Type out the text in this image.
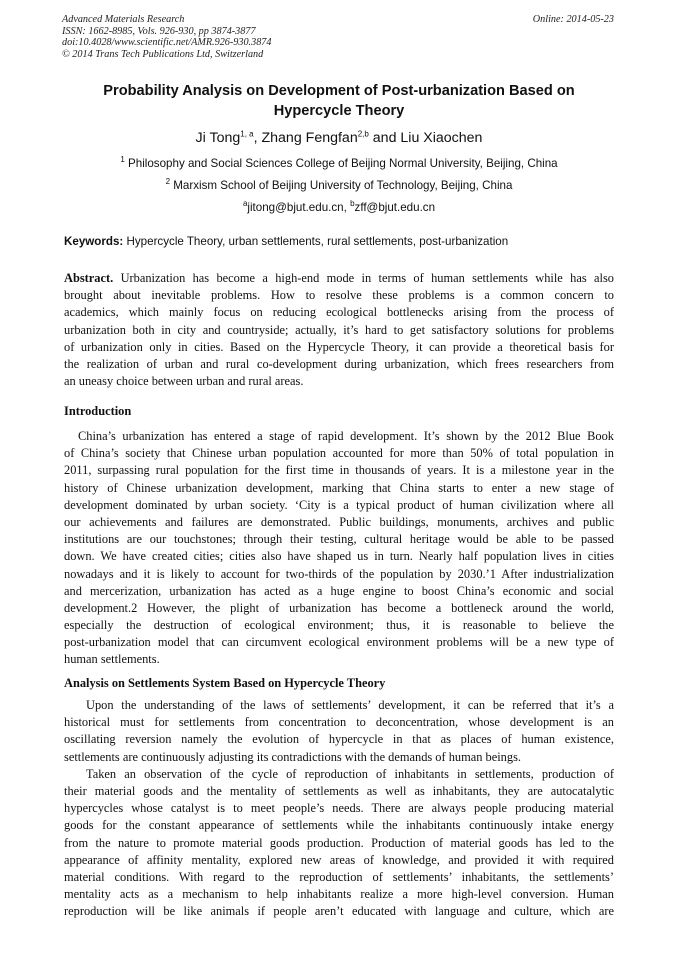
Advanced Materials Research
ISSN: 1662-8985, Vols. 926-930, pp 3874-3877
doi:10.4028/www.scientific.net/AMR.926-930.3874
© 2014 Trans Tech Publications Ltd, Switzerland
Online: 2014-05-23
Probability Analysis on Development of Post-urbanization Based on
Hypercycle Theory
Ji Tong$^{1, a}$, Zhang Fengfan$^{2,b}$ and Liu Xiaochen
$^1$ Philosophy and Social Sciences College of Beijing Normal University, Beijing, China
$^2$ Marxism School of Beijing University of Technology, Beijing, China
$^a$jitong@bjut.edu.cn, $^b$zff@bjut.edu.cn
Keywords: Hypercycle Theory, urban settlements, rural settlements, post-urbanization
Abstract. Urbanization has become a high-end mode in terms of human settlements while has also
brought about inevitable problems. How to resolve these problems is a common concern to
academics, which mainly focus on reducing ecological bottlenecks arising from the process of
urbanization both in city and countryside; actually, it’s hard to get satisfactory solutions for problems
of urbanization only in cities. Based on the Hypercycle Theory, it can provide a theoretical basis for
the realization of urban and rural co-development during urbanization, which frees researchers from
an uneasy choice between urban and rural areas.
Introduction
China’s urbanization has entered a stage of rapid development. It’s shown by the 2012 Blue Book
of China’s society that Chinese urban population accounted for more than 50% of total population in
2011, surpassing rural population for the first time in thousands of years. It is a milestone year in the
history of Chinese urbanization development, marking that China starts to enter a new stage of
development dominated by urban society. ‘City is a typical product of human civilization where all
our achievements and failures are demonstrated. Public buildings, monuments, archives and public
institutions are our touchstones; through their testing, cultural heritage would be able to be passed
down. We have created cities; cities also have shaped us in turn. Nearly half population lives in cities
nowadays and it is likely to account for two-thirds of the population by 2030.’1 After industrialization
and mercerization, urbanization has acted as a huge engine to boost China’s economic and social
development.2 However, the plight of urbanization has become a bottleneck around the world,
especially the destruction of ecological environment; thus, it is reasonable to believe the
post-urbanization model that can circumvent ecological environment problems will be a new type of
human settlements.
Analysis on Settlements System Based on Hypercycle Theory
Upon the understanding of the laws of settlements’ development, it can be referred that it’s a
historical must for settlements from concentration to deconcentration, whose development is an
oscillating reversion namely the evolution of hypercycle in that as places of human existence,
settlements are continuously adjusting its contradictions with the demands of human beings.
Taken an observation of the cycle of reproduction of inhabitants in settlements, production of
their material goods and the mentality of settlements as well as inhabitants, they are autocatalytic
hypercycles whose catalyst is to meet people’s needs. There are always people producing material
goods for the constant appearance of settlements while the inhabitants continuously intake energy
from the nature to promote material goods production. Production of material goods has led to the
appearance of affinity mentality, explored new areas of knowledge, and provided it with required
material conditions. With regard to the reproduction of settlements’ inhabitants, the settlements’
mentality acts as a mechanism to help inhabitants realize a more high-level conversion. Human
reproduction will be like animals if people aren’t educated with language and culture, which are
